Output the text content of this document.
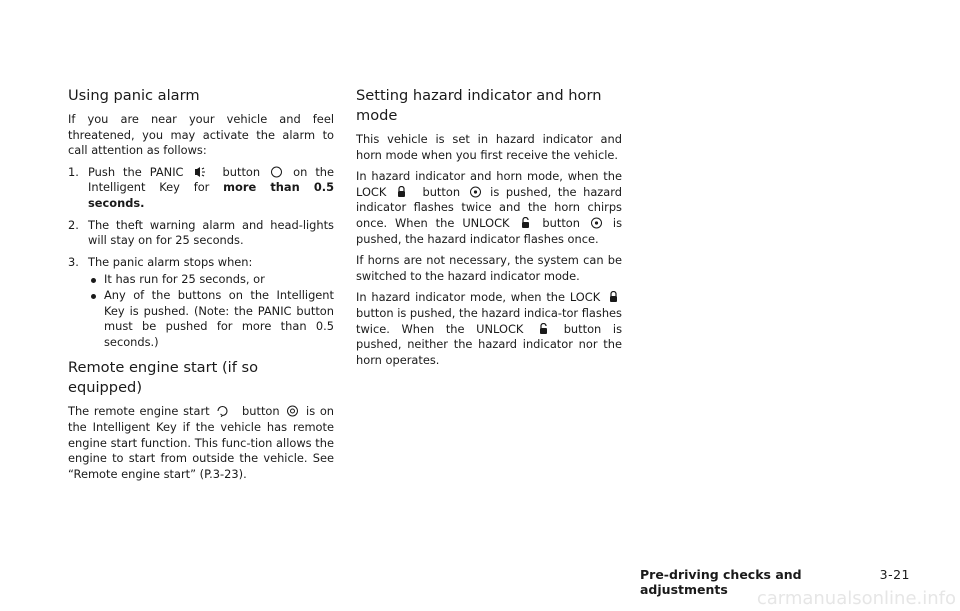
Using panic alarm

If you are near your vehicle and feel threatened, you may activate the alarm to call attention as follows:

1. Push the PANIC	button	on the Intelligent Key for more than 0.5 seconds.
2. The theft warning alarm and head-lights will stay on for 25 seconds.
3. The panic alarm stops when:
It has run for 25 seconds, or
Any of the buttons on the Intelligent Key is pushed. (Note: the PANIC button must be pushed for more than 0.5 seconds.)
Remote engine start (if so equipped)

The remote engine start	button is on the Intelligent Key if the vehicle has remote engine start function. This func-tion allows the engine to start from outside the vehicle. See “Remote engine start” (P.3-23).

Setting hazard indicator and horn mode

This vehicle is set in hazard indicator and horn mode when you first receive the vehicle.

In hazard indicator and horn mode, when the LOCK	button	is pushed, the hazard indicator flashes twice and the horn chirps once. When the UNLOCK	button	is pushed, the hazard indicator flashes once.

If horns are not necessary, the system can be switched to the hazard indicator mode.

In hazard indicator mode, when the LOCK
button is pushed, the hazard indica-tor flashes twice. When the UNLOCK	button is pushed, neither the hazard indicator nor the horn operates.

Pre-driving checks and adjustments
3-21
carmanualsonline.info
